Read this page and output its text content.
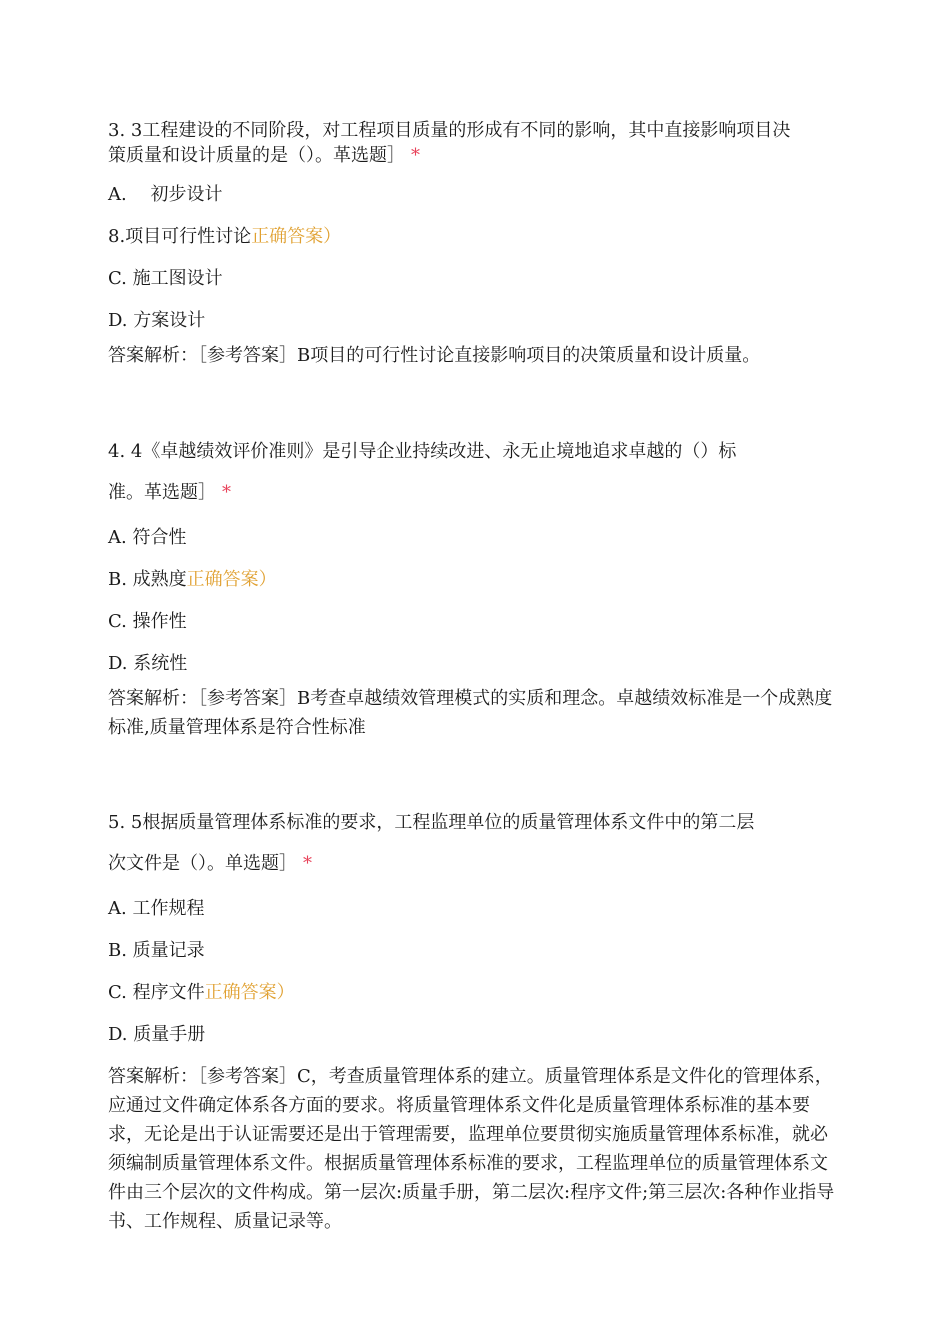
3. 3工程建设的不同阶段，对工程项目质量的形成有不同的影响，其中直接影响项目决
策质量和设计质量的是（）。革选题］ *
A.　 初步设计
8.项目可行性讨论正确答案）
C. 施工图设计
D. 方案设计
答案解析：［参考答案］B项目的可行性讨论直接影响项目的决策质量和设计质量。
4. 4《卓越绩效评价准则》是引导企业持续改进、永无止境地追求卓越的（）标
准。革选题］ *
A. 符合性
B. 成熟度正确答案）
C. 操作性
D. 系统性
答案解析：［参考答案］B考查卓越绩效管理模式的实质和理念。卓越绩效标准是一个成熟度标准,质量管理体系是符合性标准
5. 5根据质量管理体系标准的要求，工程监理单位的质量管理体系文件中的第二层
次文件是（）。单选题］ *
A. 工作规程
B. 质量记录
C. 程序文件正确答案）
D. 质量手册
答案解析：［参考答案］C，考查质量管理体系的建立。质量管理体系是文件化的管理体系，应通过文件确定体系各方面的要求。将质量管理体系文件化是质量管理体系标准的基本要求，无论是出于认证需要还是出于管理需要，监理单位要贯彻实施质量管理体系标准，就必须编制质量管理体系文件。根据质量管理体系标准的要求，工程监理单位的质量管理体系文件由三个层次的文件构成。第一层次:质量手册，第二层次:程序文件;第三层次:各种作业指导书、工作规程、质量记录等。
